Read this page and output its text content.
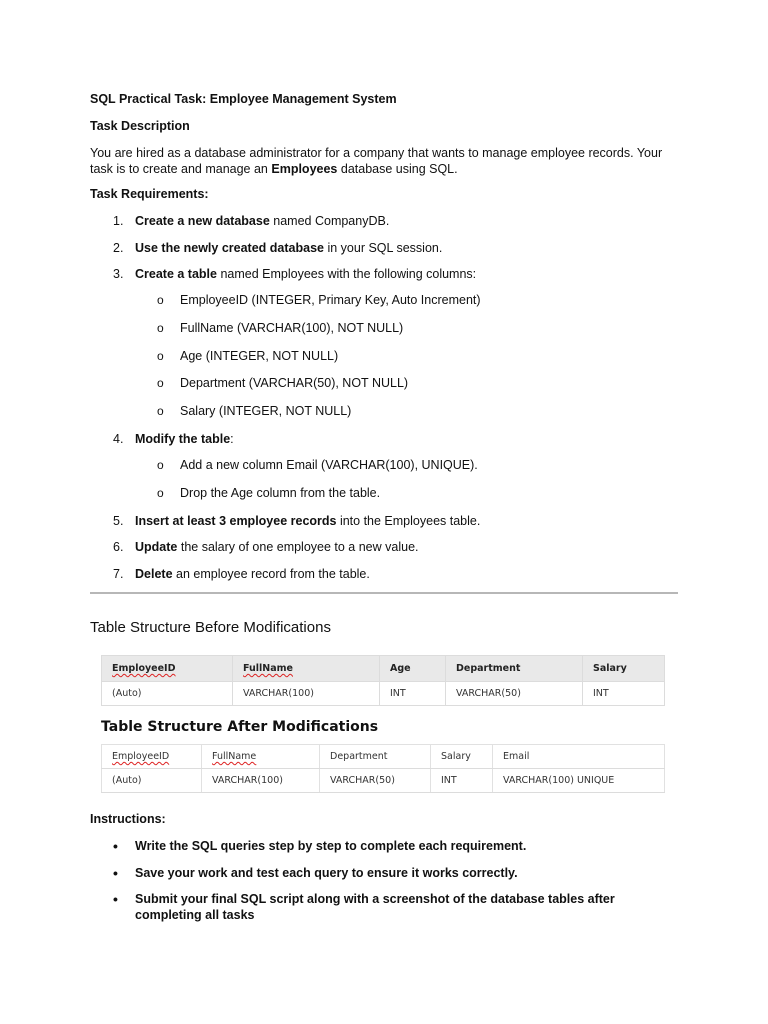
SQL Practical Task: Employee Management System
Task Description
You are hired as a database administrator for a company that wants to manage employee records. Your task is to create and manage an Employees database using SQL.
Task Requirements:
1. Create a new database named CompanyDB.
2. Use the newly created database in your SQL session.
3. Create a table named Employees with the following columns:
o EmployeeID (INTEGER, Primary Key, Auto Increment)
o FullName (VARCHAR(100), NOT NULL)
o Age (INTEGER, NOT NULL)
o Department (VARCHAR(50), NOT NULL)
o Salary (INTEGER, NOT NULL)
4. Modify the table:
o Add a new column Email (VARCHAR(100), UNIQUE).
o Drop the Age column from the table.
5. Insert at least 3 employee records into the Employees table.
6. Update the salary of one employee to a new value.
7. Delete an employee record from the table.
Table Structure Before Modifications
EmployeeID	FullName	Age	Department	Salary
(Auto)	VARCHAR(100)	INT	VARCHAR(50)	INT
Table Structure After Modifications
EmployeeID	FullName	Department	Salary	Email
(Auto)	VARCHAR(100)	VARCHAR(50)	INT	VARCHAR(100) UNIQUE
Instructions:
• Write the SQL queries step by step to complete each requirement.
• Save your work and test each query to ensure it works correctly.
• Submit your final SQL script along with a screenshot of the database tables after completing all tasks
